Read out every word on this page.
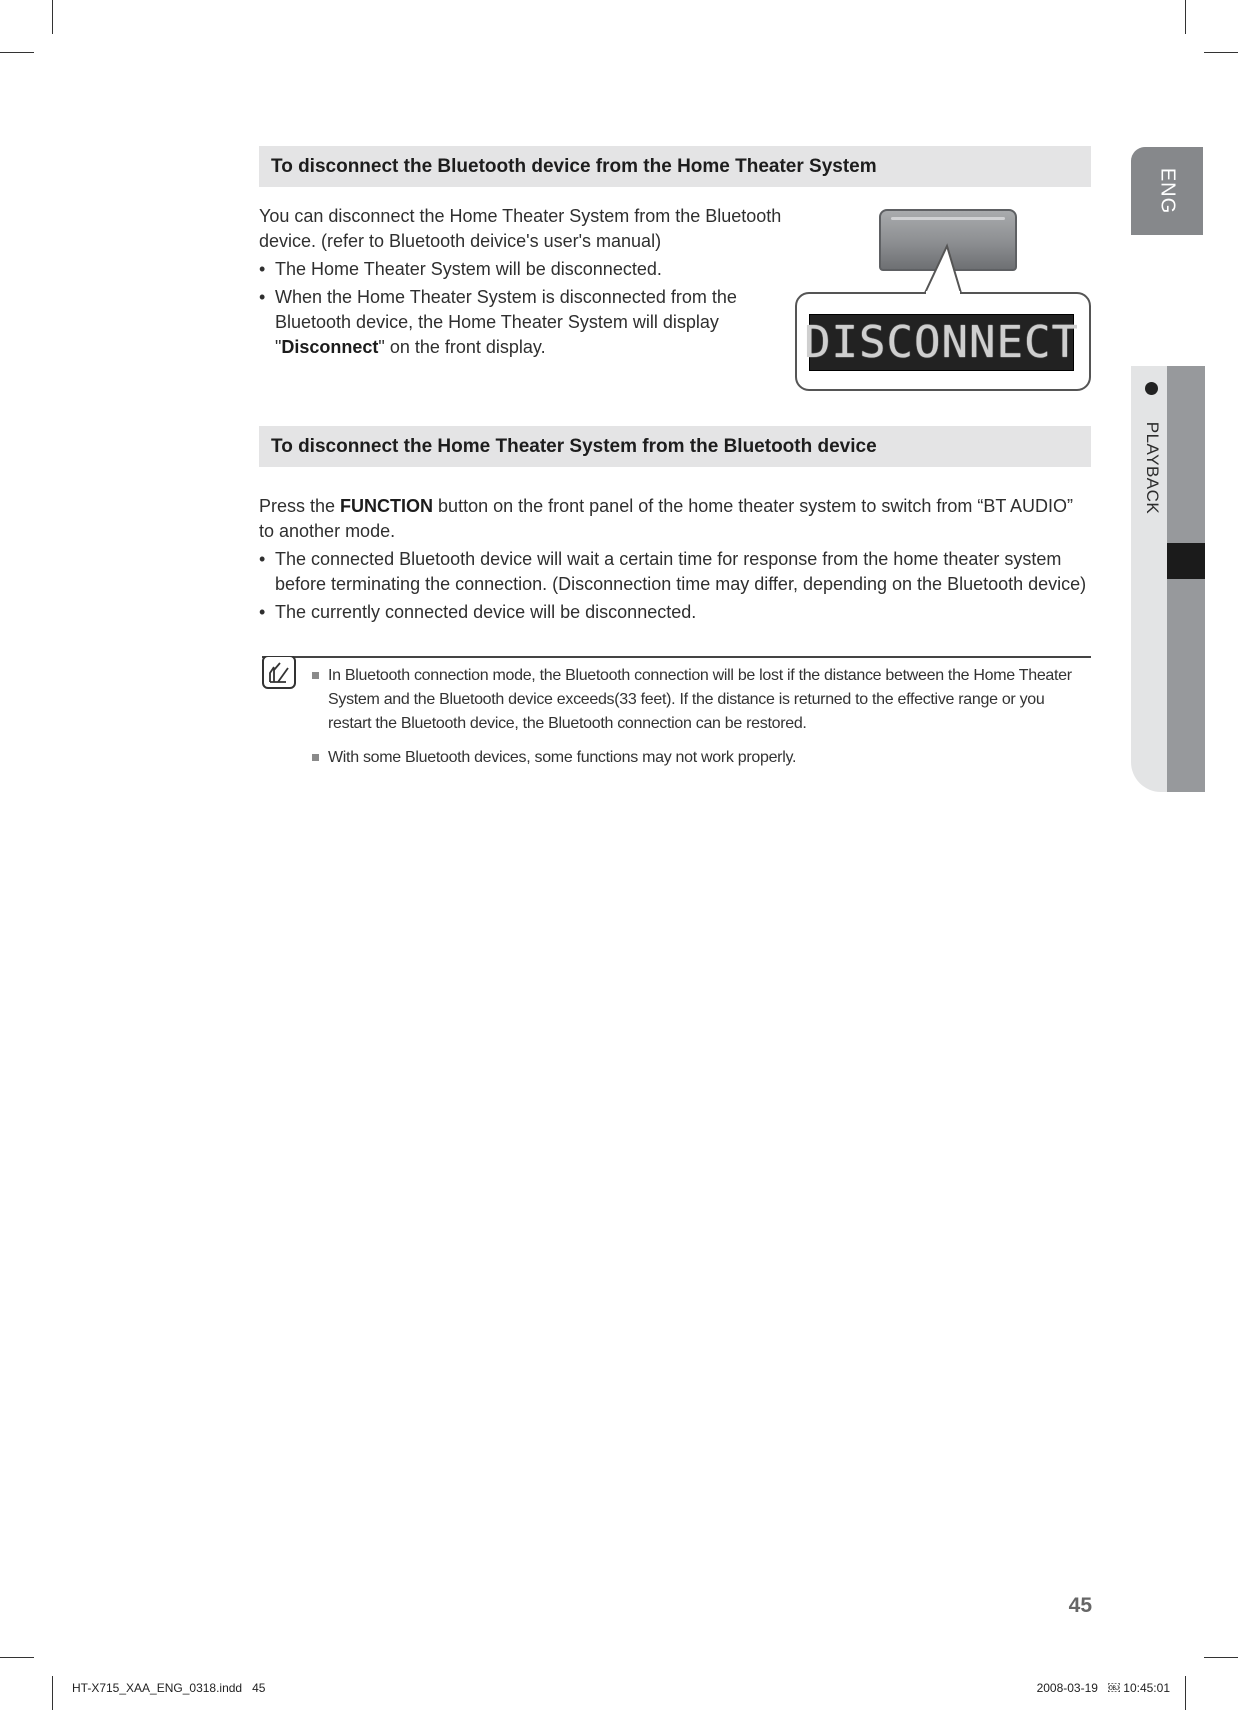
To disconnect the Bluetooth device from the Home Theater System
You can disconnect the Home Theater System from the Bluetooth
device. (refer to Bluetooth deivice's user's manual)
• The Home Theater System will be disconnected.
• When the Home Theater System is disconnected from the
Bluetooth device, the Home Theater System will display
"Disconnect" on the front display.	DISCONNECT
To disconnect the Home Theater System from the Bluetooth device
Press the FUNCTION button on the front panel of the home theater system to switch from “BT AUDIO”
to another mode.
• The connected Bluetooth device will wait a certain time for response from the home theater system
before terminating the connection. (Disconnection time may differ, depending on the Bluetooth device)
• The currently connected device will be disconnected.
In Bluetooth connection mode, the Bluetooth connection will be lost if the distance between the Home Theater
System and the Bluetooth device exceeds(33 feet). If the distance is returned to the effective range or you
restart the Bluetooth device, the Bluetooth connection can be restored.
With some Bluetooth devices, some functions may not work properly.
ENG
PLAYBACK
45
HT-X715_XAA_ENG_0318.indd   45	2008-03-19   ￼ 10:45:01
